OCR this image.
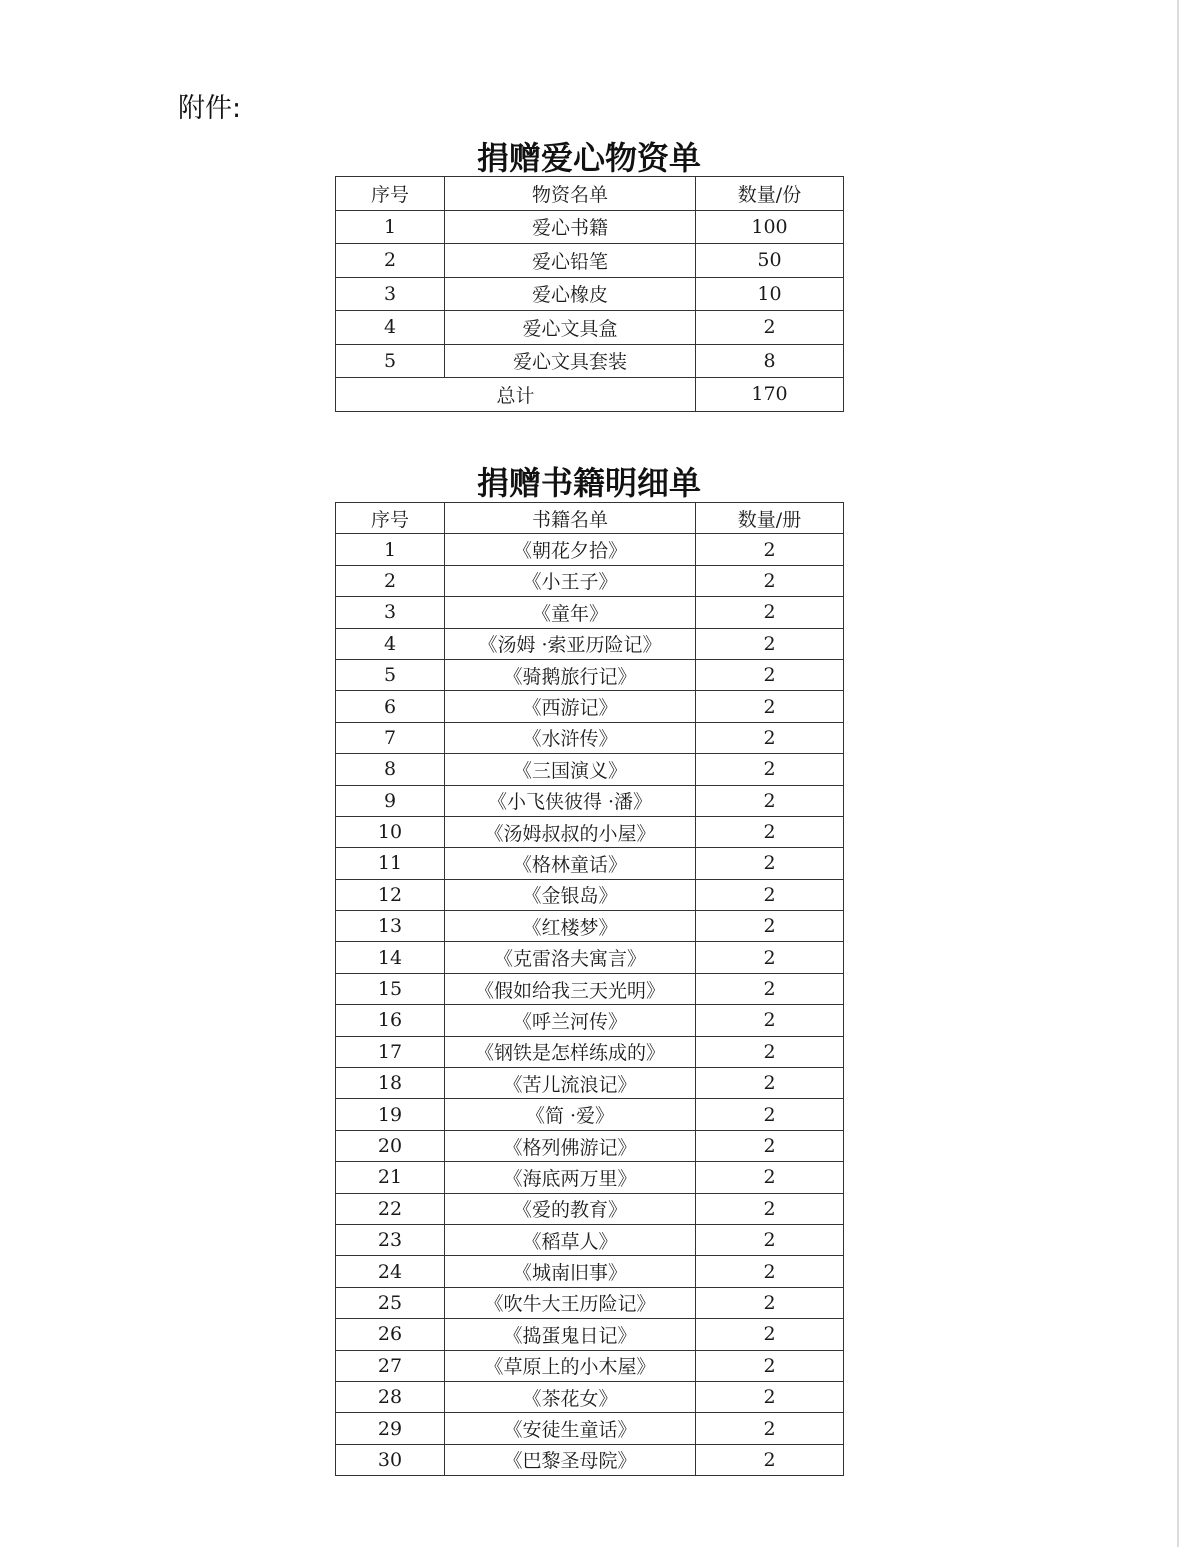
附件:
捐赠爱心物资单
序号	物资名单	数量/份
1	爱心书籍	100
2	爱心铅笔	50
3	爱心橡皮	10
4	爱心文具盒	2
5	爱心文具套装	8
总计		170
捐赠书籍明细单
序号	书籍名单	数量/册
1	《朝花夕拾》	2
2	《小王子》	2
3	《童年》	2
4	《汤姆 ·索亚历险记》	2
5	《骑鹅旅行记》	2
6	《西游记》	2
7	《水浒传》	2
8	《三国演义》	2
9	《小飞侠彼得 ·潘》	2
10	《汤姆叔叔的小屋》	2
11	《格林童话》	2
12	《金银岛》	2
13	《红楼梦》	2
14	《克雷洛夫寓言》	2
15	《假如给我三天光明》	2
16	《呼兰河传》	2
17	《钢铁是怎样练成的》	2
18	《苦儿流浪记》	2
19	《简 ·爱》	2
20	《格列佛游记》	2
21	《海底两万里》	2
22	《爱的教育》	2
23	《稻草人》	2
24	《城南旧事》	2
25	《吹牛大王历险记》	2
26	《捣蛋鬼日记》	2
27	《草原上的小木屋》	2
28	《茶花女》	2
29	《安徒生童话》	2
30	《巴黎圣母院》	2
